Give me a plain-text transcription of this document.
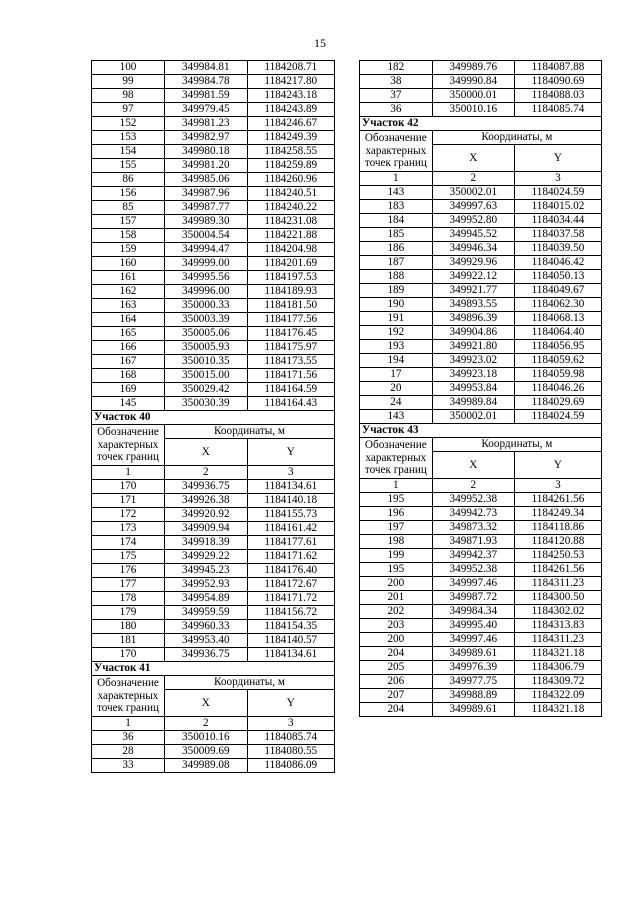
15
100	349984.81	1184208.71
99	349984.78	1184217.80
98	349981.59	1184243.18
97	349979.45	1184243.89
152	349981.23	1184246.67
153	349982.97	1184249.39
154	349980.18	1184258.55
155	349981.20	1184259.89
86	349985.06	1184260.96
156	349987.96	1184240.51
85	349987.77	1184240.22
157	349989.30	1184231.08
158	350004.54	1184221.88
159	349994.47	1184204.98
160	349999.00	1184201.69
161	349995.56	1184197.53
162	349996.00	1184189.93
163	350000.33	1184181.50
164	350003.39	1184177.56
165	350005.06	1184176.45
166	350005.93	1184175.97
167	350010.35	1184173.55
168	350015.00	1184171.56
169	350029.42	1184164.59
145	350030.39	1184164.43
Участок 40		

Обозначение
характерных
точек границ	Координаты, м	
	X	Y
1	2	3
170	349936.75	1184134.61
171	349926.38	1184140.18
172	349920.92	1184155.73
173	349909.94	1184161.42
174	349918.39	1184177.61
175	349929.22	1184171.62
176	349945.23	1184176.40
177	349952.93	1184172.67
178	349954.89	1184171.72
179	349959.59	1184156.72
180	349960.33	1184154.35
181	349953.40	1184140.57
170	349936.75	1184134.61
Участок 41		

Обозначение
характерных
точек границ	Координаты, м	
	X	Y
1	2	3
36	350010.16	1184085.74
28	350009.69	1184080.55
33	349989.08	1184086.09
182	349989.76	1184087.88
38	349990.84	1184090.69
37	350000.01	1184088.03
36	350010.16	1184085.74
Участок 42		

Обозначение
характерных
точек границ	Координаты, м	
	X	Y
1	2	3
143	350002.01	1184024.59
183	349997.63	1184015.02
184	349952.80	1184034.44
185	349945.52	1184037.58
186	349946.34	1184039.50
187	349929.96	1184046.42
188	349922.12	1184050.13
189	349921.77	1184049.67
190	349893.55	1184062.30
191	349896.39	1184068.13
192	349904.86	1184064.40
193	349921.80	1184056.95
194	349923.02	1184059.62
17	349923.18	1184059.98
20	349953.84	1184046.26
24	349989.84	1184029.69
143	350002.01	1184024.59
Участок 43		

Обозначение
характерных
точек границ	Координаты, м	
	X	Y
1	2	3
195	349952.38	1184261.56
196	349942.73	1184249.34
197	349873.32	1184118.86
198	349871.93	1184120.88
199	349942.37	1184250.53
195	349952.38	1184261.56
200	349997.46	1184311.23
201	349987.72	1184300.50
202	349984.34	1184302.02
203	349995.40	1184313.83
200	349997.46	1184311.23
204	349989.61	1184321.18
205	349976.39	1184306.79
206	349977.75	1184309.72
207	349988.89	1184322.09
204	349989.61	1184321.18
